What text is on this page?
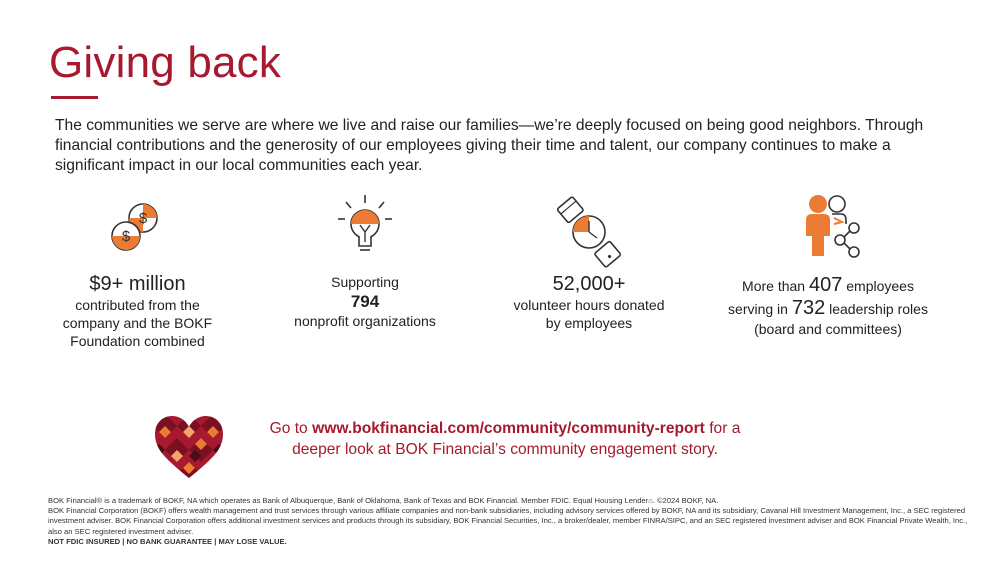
Giving back
The communities we serve are where we live and raise our families—we’re deeply focused on being good neighbors. Through financial contributions and the generosity of our employees giving their time and talent, our company continues to make a significant impact in our local communities each year.
$
$
$9+ million
contributed from the
company and the BOKF
Foundation combined
Supporting
794
nonprofit organizations
52,000+
volunteer hours donated
by employees
More than 407 employees
serving in 732 leadership roles
(board and committees)
Go to www.bokfinancial.com/community/community-report for a
deeper look at BOK Financial’s community engagement story.
BOK Financial® is a trademark of BOKF, NA which operates as Bank of Albuquerque, Bank of Oklahoma, Bank of Texas and BOK Financial. Member FDIC. Equal Housing Lender⌂. ©2024 BOKF, NA.
BOK Financial Corporation (BOKF) offers wealth management and trust services through various affiliate companies and non-bank subsidiaries, including advisory services offered by BOKF, NA and its subsidiary, Cavanal Hill Investment Management, Inc., a SEC registered investment adviser. BOK Financial Corporation offers additional investment services and products through its subsidiary, BOK Financial Securities, Inc., a broker/dealer, member FINRA/SIPC, and an SEC registered investment adviser and BOK Financial Private Wealth, Inc., also an SEC registered investment adviser.
NOT FDIC INSURED | NO BANK GUARANTEE | MAY LOSE VALUE.
